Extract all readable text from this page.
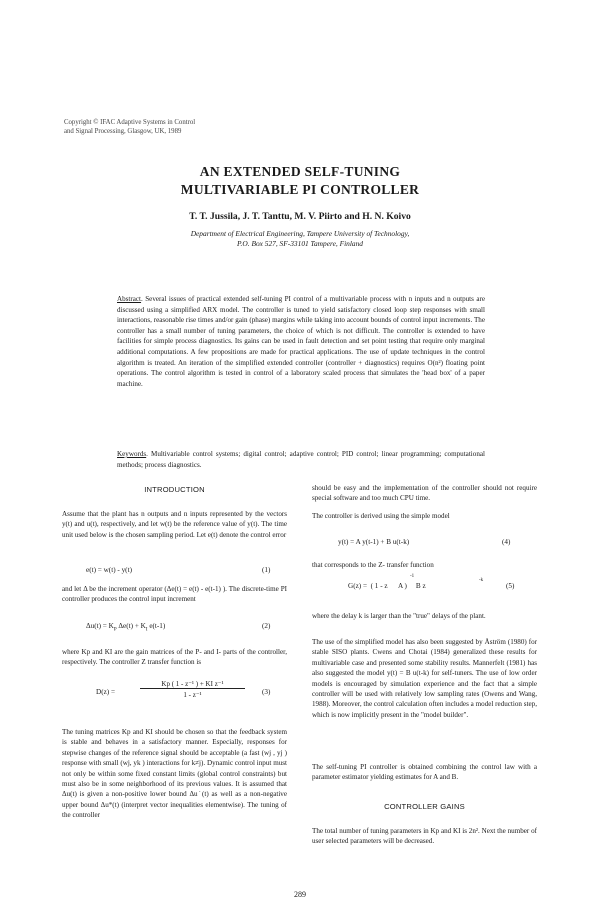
Copyright © IFAC Adaptive Systems in Control
and Signal Processing, Glasgow, UK, 1989
AN EXTENDED SELF-TUNING
MULTIVARIABLE PI CONTROLLER
T. T. Jussila, J. T. Tanttu, M. V. Piirto and H. N. Koivo
Department of Electrical Engineering, Tampere University of Technology,
P.O. Box 527, SF-33101 Tampere, Finland
Abstract. Several issues of practical extended self-tuning PI control of a multivariable process with n inputs and n outputs are discussed using a simplified ARX model. The controller is tuned to yield satisfactory closed loop step responses with small interactions, reasonable rise times and/or gain (phase) margins while taking into account bounds of control input increments. The controller has a small number of tuning parameters, the choice of which is not difficult. The controller is extended to have facilities for simple process diagnostics. Its gains can be used in fault detection and set point testing that require only marginal additional computations. A few propositions are made for practical applications. The use of update techniques in the control algorithm is treated. An iteration of the simplified extended controller (controller + diagnostics) requires O(n²) floating point operations. The control algorithm is tested in control of a laboratory scaled process that simulates the 'head box' of a paper machine.
Keywords. Multivariable control systems; digital control; adaptive control; PID control; linear programming; computational methods; process diagnostics.
INTRODUCTION
Assume that the plant has n outputs and n inputs represented by the vectors y(t) and u(t), respectively, and let w(t) be the reference value of y(t). The time unit used below is the chosen sampling period. Let e(t) denote the control error
e(t) = w(t) - y(t)	(1)
and let Δ be the increment operator (Δe(t) = e(t) - e(t-1) ). The discrete-time PI controller produces the control input increment
$\Delta u(t) = K_P$ $\Delta e(t) + K_I$ e(t-1)	(2)
where Kp and KI are the gain matrices of the P- and I- parts of the controller, respectively. The controller Z transfer function is
D(z) =
Kp ( 1 - z⁻¹ ) + KI z⁻¹
1 - z⁻¹	(3)
The tuning matrices Kp and KI should be chosen so that the feedback system is stable and behaves in a satisfactory manner. Especially, responses for stepwise changes of the reference signal should be acceptable (a fast (wj , yj ) response with small (wj, yk ) interactions for k≠j). Dynamic control input must not only be within some fixed constant limits (global control constraints) but must also be in some neighborhood of its previous values. It is assumed that Δu(t) is given a non-positive lower bound Δu˙(t) as well as a non-negative upper bound Δu*(t) (interpret vector inequalities elementwise). The tuning of the controller
should be easy and the implementation of the controller should not require special software and too much CPU time.
The controller is derived using the simple model
y(t) = A y(t-1) + B u(t-k)	(4)
that corresponds to the Z- transfer function
-1
-k
G(z) =  ( 1 - z      A )     B z	(5)
where the delay k is larger than the "true" delays of the plant.
The use of the simplified model has also been suggested by Åström (1980) for stable SISO plants. Cwens and Chotai (1984) generalized these results for multivariable case and presented some stability results. Mannerfelt (1981) has also suggested the model y(t) = B u(t-k) for self-tuners. The use of low order models is encouraged by simulation experience and the fact that a simple controller will be used with relatively low sampling rates (Owens and Wang, 1988). Moreover, the control calculation often includes a model reduction step, which is now implicitly present in the "model builder".
The self-tuning PI controller is obtained combining the control law with a parameter estimator yielding estimates for A and B.
CONTROLLER GAINS
The total number of tuning parameters in Kp and KI is 2n². Next the number of user selected parameters will be decreased.
289
